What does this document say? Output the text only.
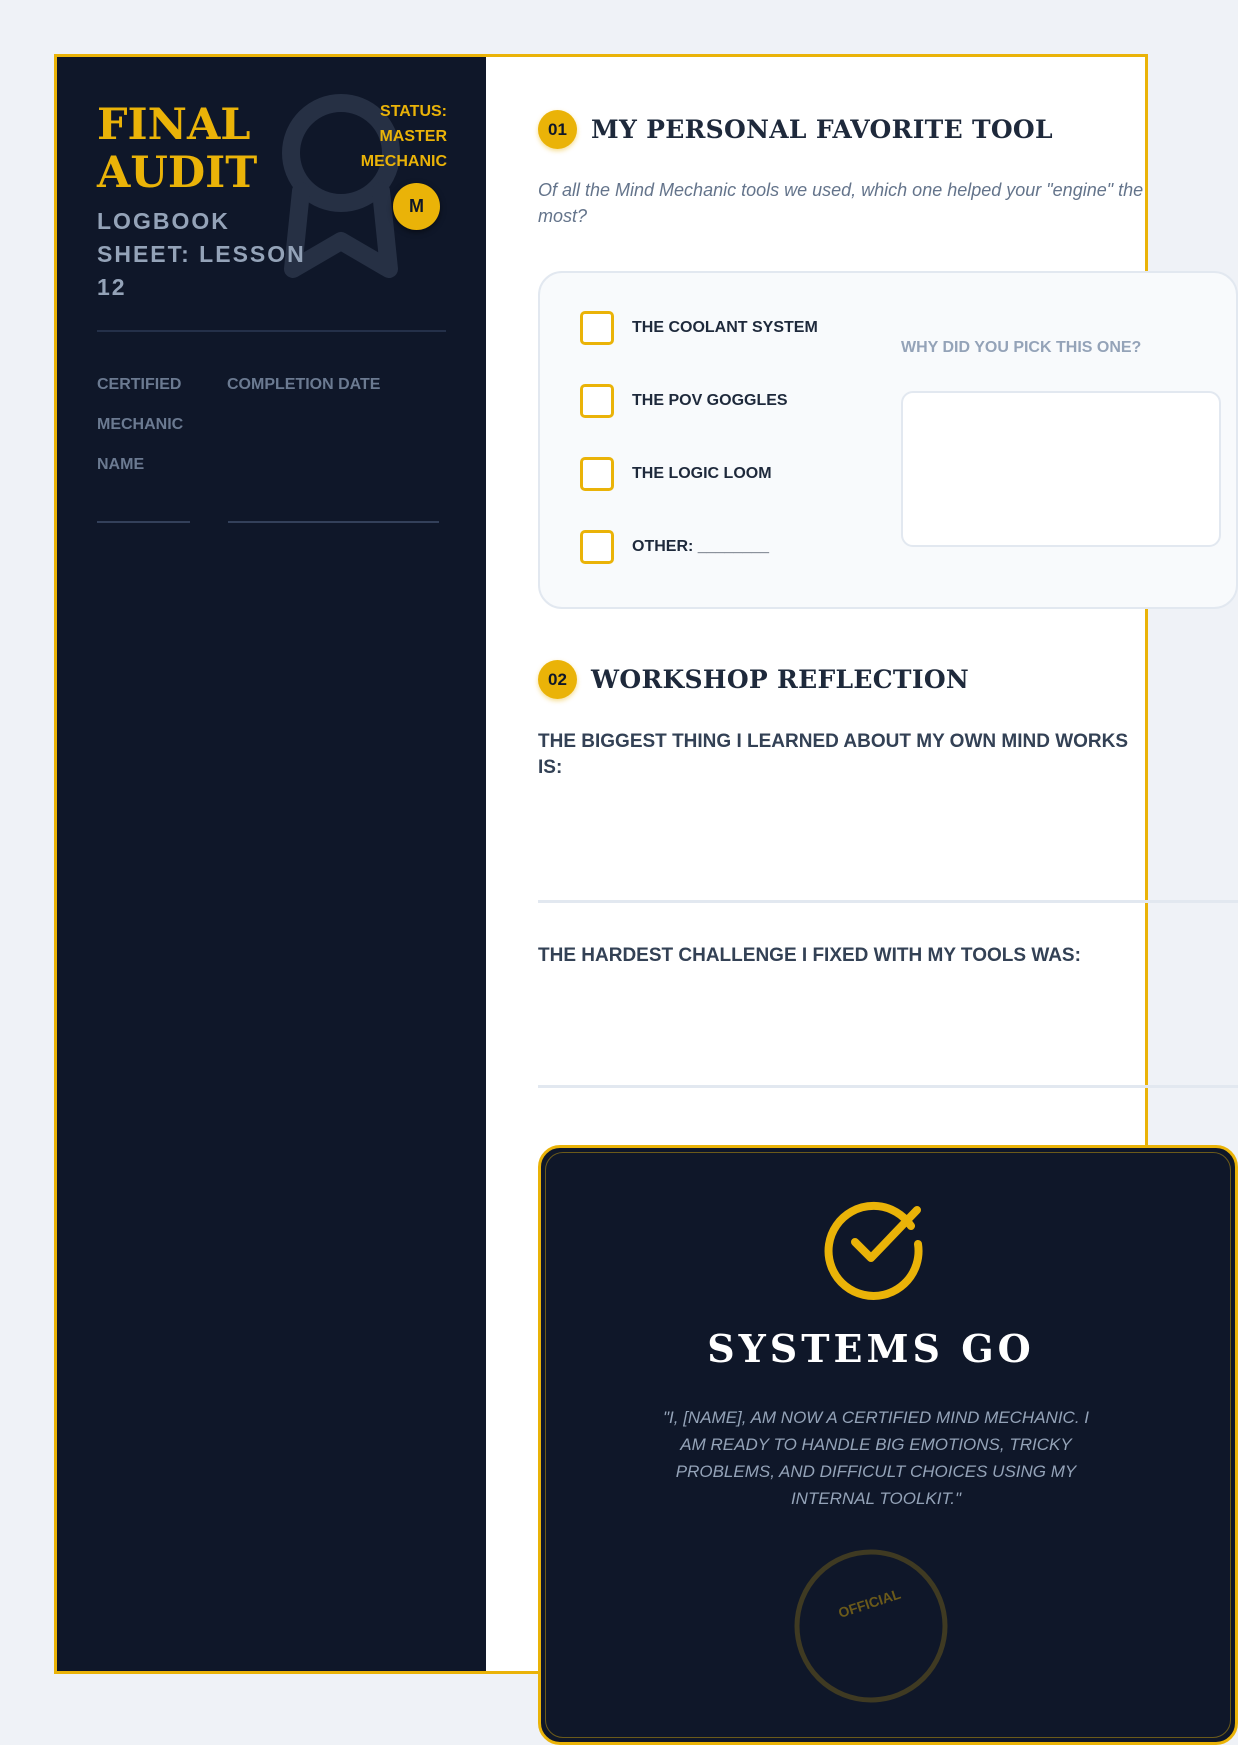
FINAL AUDIT
LOGBOOK SHEET: LESSON 12
STATUS: MASTER MECHANIC
M
CERTIFIED MECHANIC NAME
COMPLETION DATE
01 MY PERSONAL FAVORITE TOOL
Of all the Mind Mechanic tools we used, which one helped your "engine" the most?
THE COOLANT SYSTEM
THE POV GOGGLES
THE LOGIC LOOM
OTHER: ________
WHY DID YOU PICK THIS ONE?
02 WORKSHOP REFLECTION
THE BIGGEST THING I LEARNED ABOUT MY OWN MIND WORKS IS:
THE HARDEST CHALLENGE I FIXED WITH MY TOOLS WAS:
SYSTEMS GO
"I, [NAME], AM NOW A CERTIFIED MIND MECHANIC. I AM READY TO HANDLE BIG EMOTIONS, TRICKY PROBLEMS, AND DIFFICULT CHOICES USING MY INTERNAL TOOLKIT."
OFFICIAL
